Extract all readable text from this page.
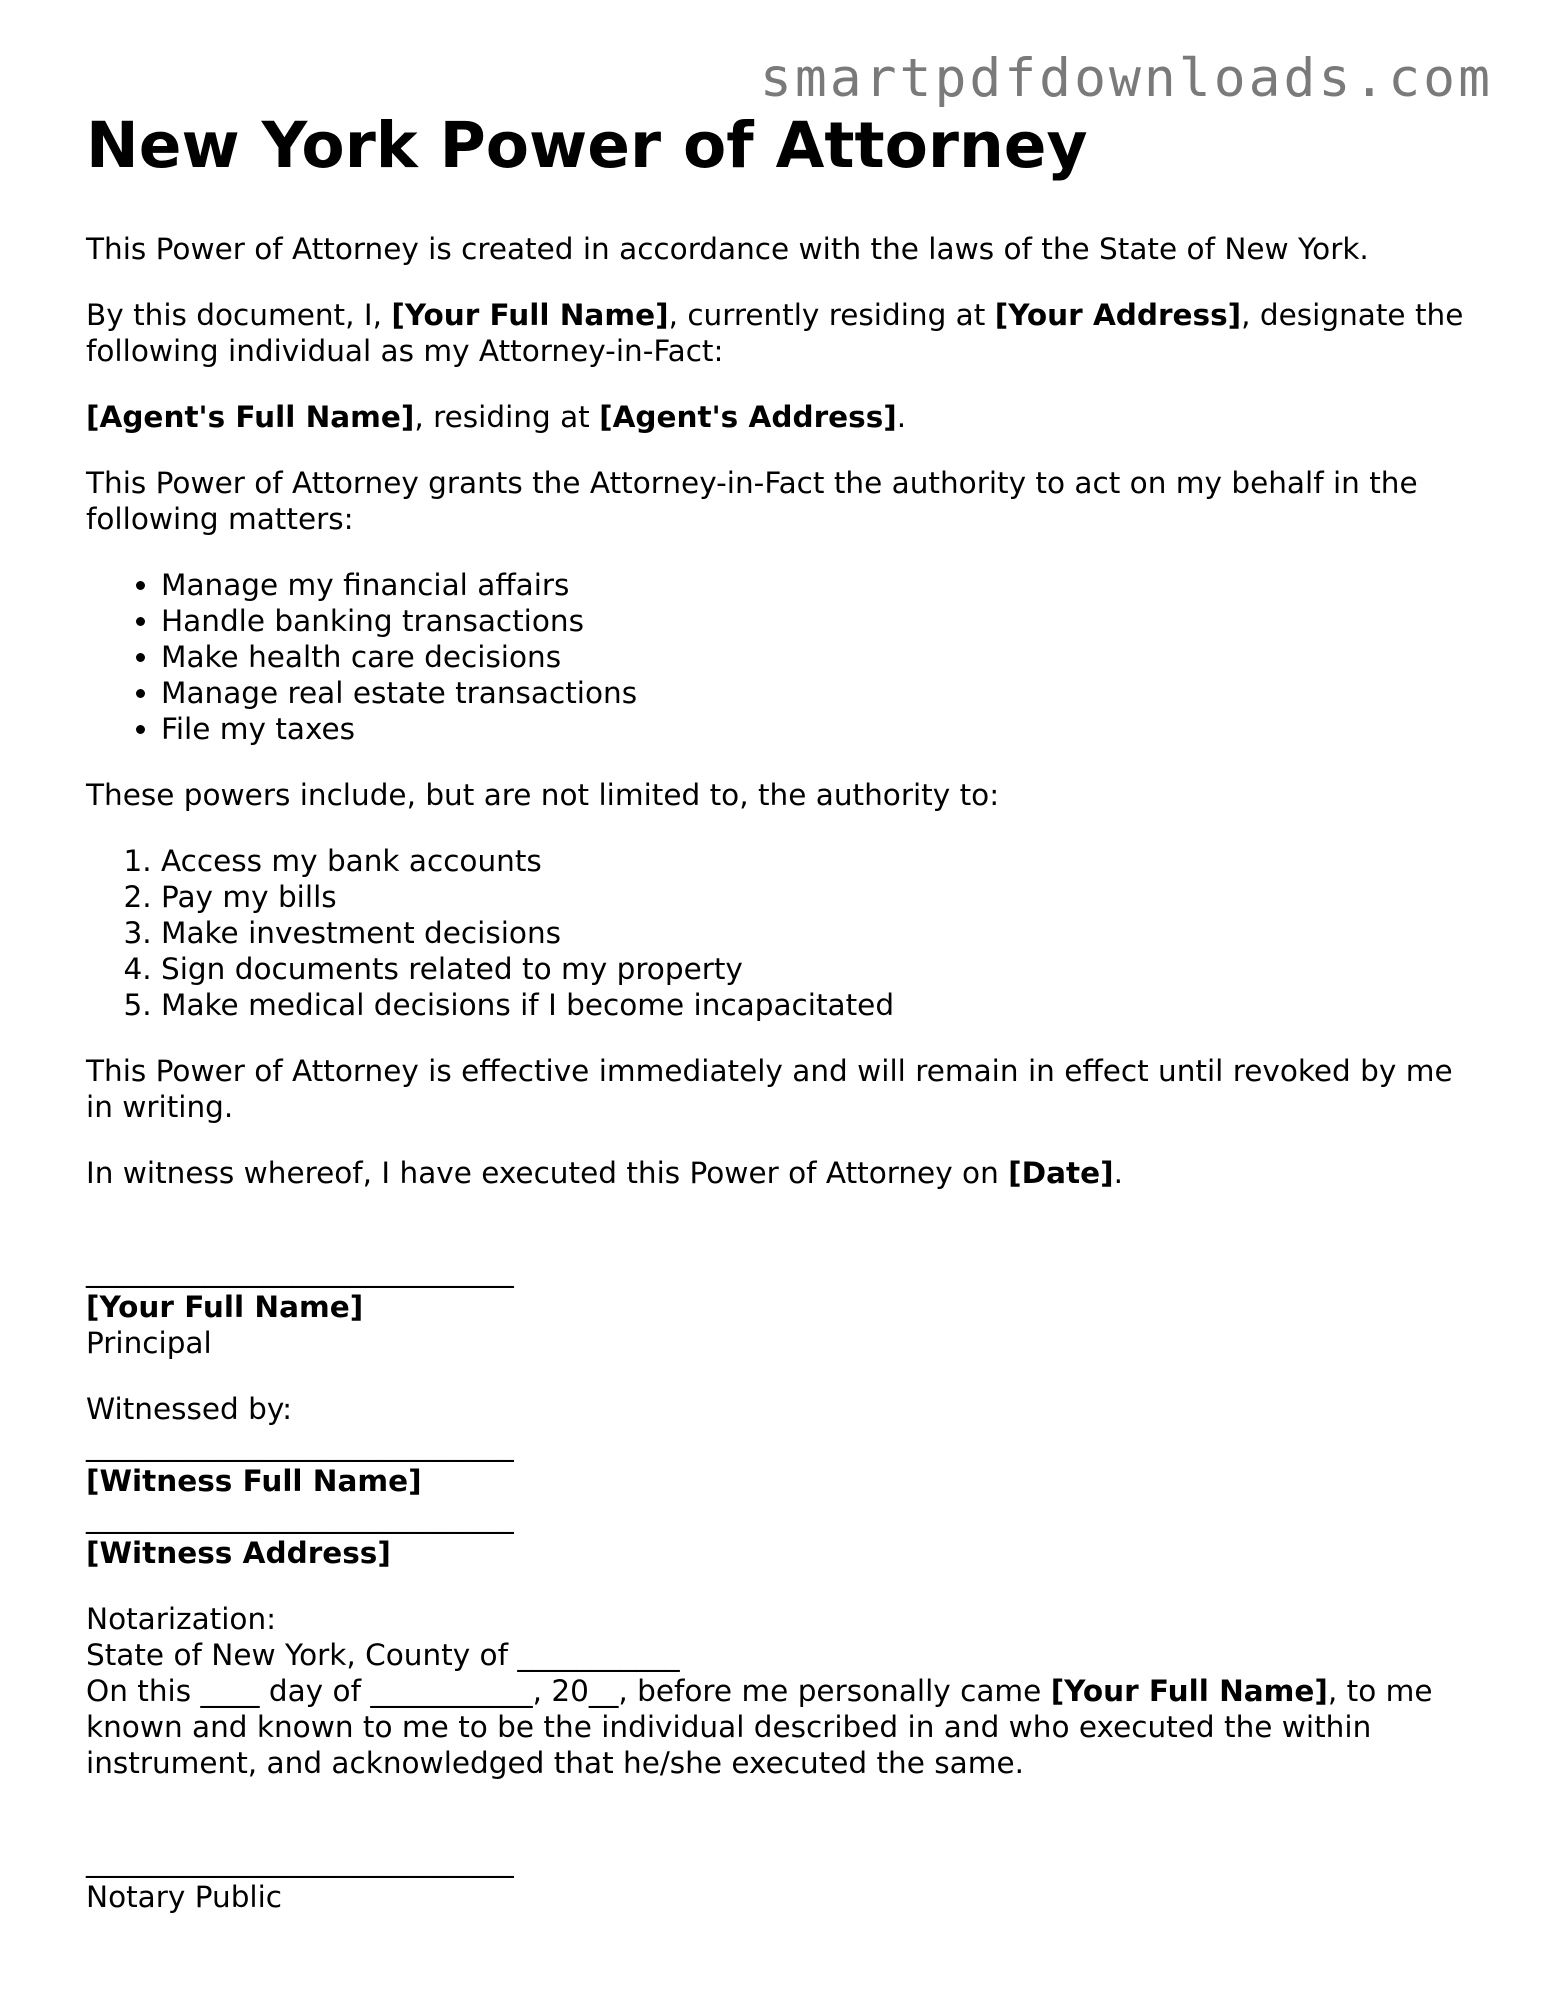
smartpdfdownloads.com
New York Power of Attorney

This Power of Attorney is created in accordance with the laws of the State of New York.

By this document, I, [Your Full Name], currently residing at [Your Address], designate the following individual as my Attorney-in-Fact:

[Agent's Full Name], residing at [Agent's Address].

This Power of Attorney grants the Attorney-in-Fact the authority to act on my behalf in the following matters:

• Manage my financial affairs
• Handle banking transactions
• Make health care decisions
• Manage real estate transactions
• File my taxes

These powers include, but are not limited to, the authority to:

1. Access my bank accounts
2. Pay my bills
3. Make investment decisions
4. Sign documents related to my property
5. Make medical decisions if I become incapacitated

This Power of Attorney is effective immediately and will remain in effect until revoked by me in writing.

In witness whereof, I have executed this Power of Attorney on [Date].

_____________________________
[Your Full Name]
Principal
Witnessed by:
_____________________________
[Witness Full Name]
_____________________________
[Witness Address]
Notarization:
State of New York, County of ___________
On this ____ day of ___________, 20__, before me personally came [Your Full Name], to me known and known to me to be the individual described in and who executed the within instrument, and acknowledged that he/she executed the same.
_____________________________
Notary Public
